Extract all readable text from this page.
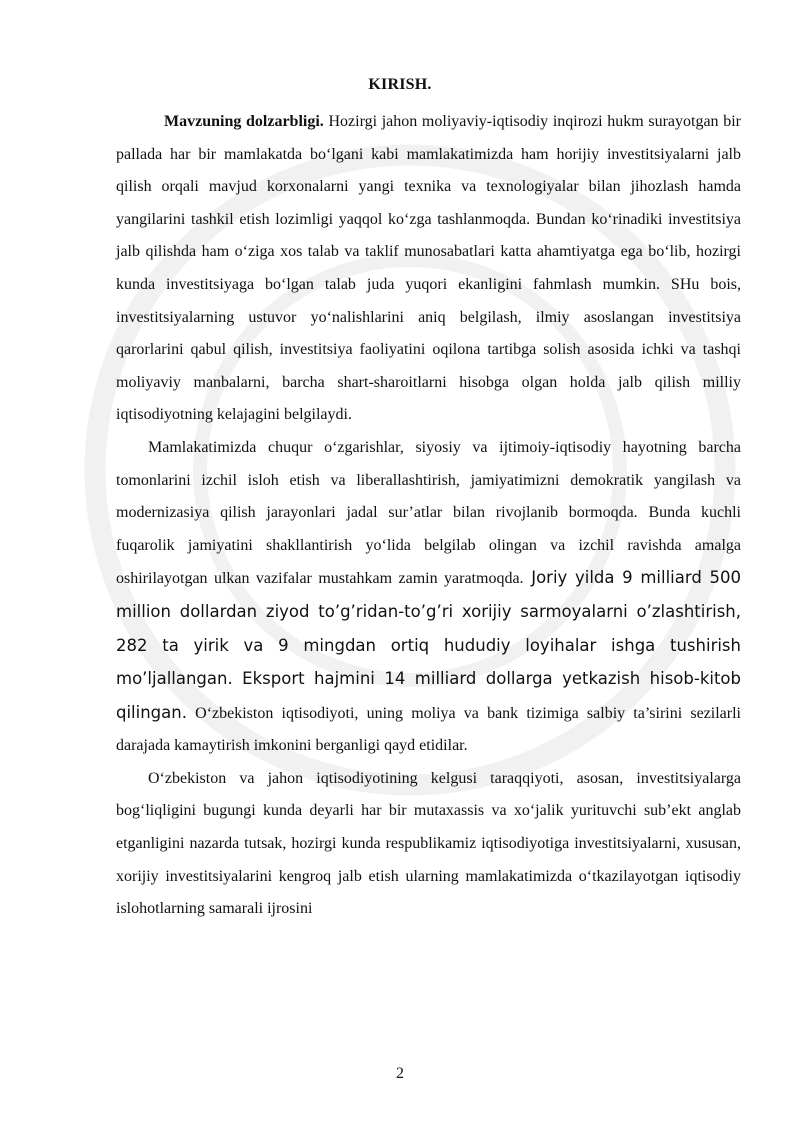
KIRISH.

Mavzuning dolzarbligi. Hozirgi jahon moliyaviy-iqtisodiy inqirozi hukm surayotgan bir pallada har bir mamlakatda bo‘lgani kabi mamlakatimizda ham horijiy investitsiyalarni jalb qilish orqali mavjud korxonalarni yangi texnika va texnologiyalar bilan jihozlash hamda yangilarini tashkil etish lozimligi yaqqol ko‘zga tashlanmoqda. Bundan ko‘rinadiki investitsiya jalb qilishda ham o‘ziga xos talab va taklif munosabatlari katta ahamtiyatga ega bo‘lib, hozirgi kunda investitsiyaga bo‘lgan talab juda yuqori ekanligini fahmlash mumkin. SHu bois, investitsiyalarning ustuvor yo‘nalishlarini aniq belgilash, ilmiy asoslangan investitsiya qarorlarini qabul qilish, investitsiya faoliyatini oqilona tartibga solish asosida ichki va tashqi moliyaviy manbalarni, barcha shart-sharoitlarni hisobga olgan holda jalb qilish milliy iqtisodiyotning kelajagini belgilaydi.

Mamlakatimizda chuqur o‘zgarishlar, siyosiy va ijtimoiy-iqtisodiy hayotning barcha tomonlarini izchil isloh etish va liberallashtirish, jamiyatimizni demokratik yangilash va modernizasiya qilish jarayonlari jadal sur’atlar bilan rivojlanib bormoqda. Bunda kuchli fuqarolik jamiyatini shakllantirish yo‘lida belgilab olingan va izchil ravishda amalga oshirilayotgan ulkan vazifalar mustahkam zamin yaratmoqda. Joriy yilda 9 milliard 500 million dollardan ziyod to’g’ridan-to’g’ri xorijiy sarmoyalarni o’zlashtirish, 282 ta yirik va 9 mingdan ortiq hududiy loyihalar ishga tushirish mo’ljallangan. Eksport hajmini 14 milliard dollarga yetkazish hisob-kitob qilingan. O‘zbekiston iqtisodiyoti, uning moliya va bank tizimiga salbiy ta’sirini sezilarli darajada kamaytirish imkonini berganligi qayd etidilar.

O‘zbekiston va jahon iqtisodiyotining kelgusi taraqqiyoti, asosan, investitsiyalarga bog‘liqligini bugungi kunda deyarli har bir mutaxassis va xo‘jalik yurituvchi sub’ekt anglab etganligini nazarda tutsak, hozirgi kunda respublikamiz iqtisodiyotiga investitsiyalarni, xususan, xorijiy investitsiyalarini kengroq jalb etish ularning mamlakatimizda o‘tkazilayotgan iqtisodiy islohotlarning samarali ijrosini

2
